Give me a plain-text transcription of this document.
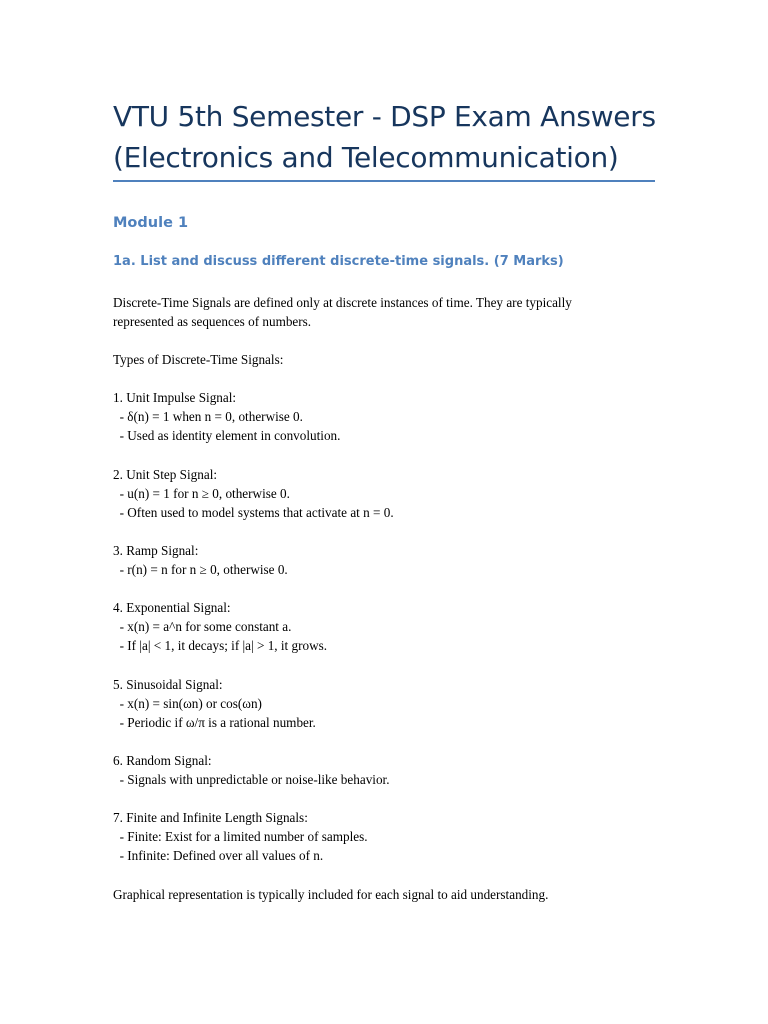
VTU 5th Semester - DSP Exam Answers
(Electronics and Telecommunication)
Module 1
1a. List and discuss different discrete-time signals. (7 Marks)

Discrete-Time Signals are defined only at discrete instances of time. They are typically

represented as sequences of numbers.

Types of Discrete-Time Signals:

1. Unit Impulse Signal:

- δ(n) = 1 when n = 0, otherwise 0.

- Used as identity element in convolution.

2. Unit Step Signal:

- u(n) = 1 for n ≥ 0, otherwise 0.

- Often used to model systems that activate at n = 0.

3. Ramp Signal:

- r(n) = n for n ≥ 0, otherwise 0.

4. Exponential Signal:

- x(n) = a^n for some constant a.

- If |a| < 1, it decays; if |a| > 1, it grows.

5. Sinusoidal Signal:

- x(n) = sin(ωn) or cos(ωn)

- Periodic if ω/π is a rational number.

6. Random Signal:

- Signals with unpredictable or noise-like behavior.

7. Finite and Infinite Length Signals:

- Finite: Exist for a limited number of samples.

- Infinite: Defined over all values of n.

Graphical representation is typically included for each signal to aid understanding.
